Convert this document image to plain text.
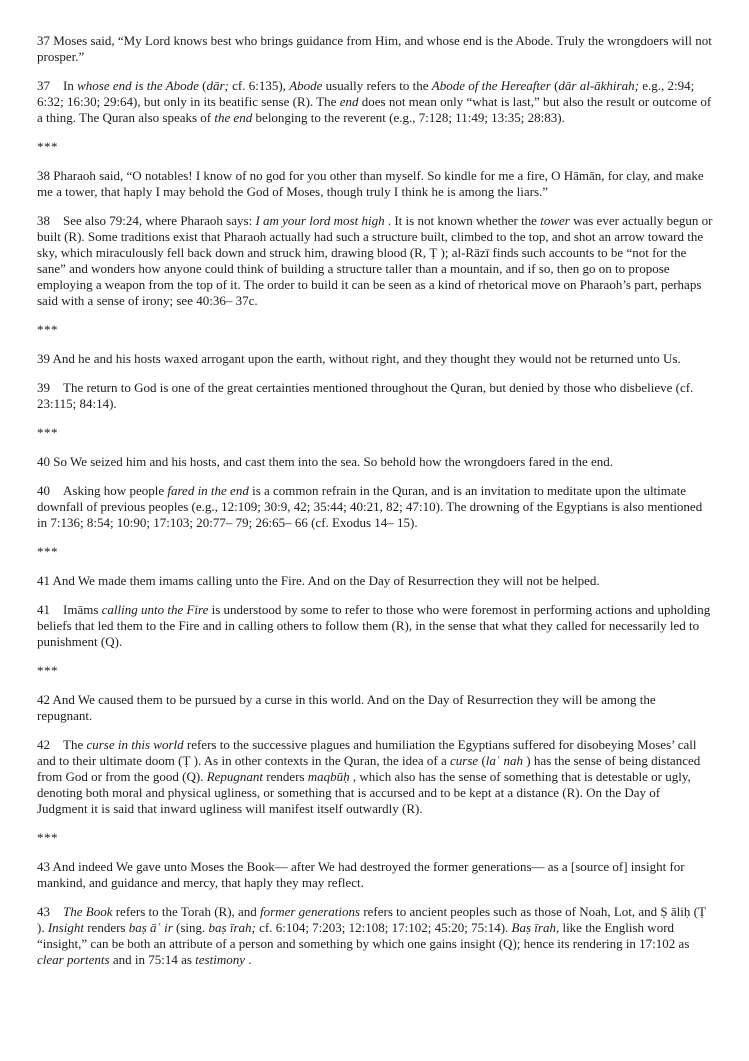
37 Moses said, “My Lord knows best who brings guidance from Him, and whose end is the Abode. Truly the wrongdoers will not prosper.”

37 In whose end is the Abode (dār; cf. 6:135), Abode usually refers to the Abode of the Hereafter (dār al-ākhirah; e.g., 2:94; 6:32; 16:30; 29:64), but only in its beatific sense (R). The end does not mean only “what is last,” but also the result or outcome of a thing. The Quran also speaks of the end belonging to the reverent (e.g., 7:128; 11:49; 13:35; 28:83).

***

38 Pharaoh said, “O notables! I know of no god for you other than myself. So kindle for me a fire, O Hāmān, for clay, and make me a tower, that haply I may behold the God of Moses, though truly I think he is among the liars.”

38 See also 79:24, where Pharaoh says: I am your lord most high . It is not known whether the tower was ever actually begun or built (R). Some traditions exist that Pharaoh actually had such a structure built, climbed to the top, and shot an arrow toward the sky, which miraculously fell back down and struck him, drawing blood (R, Ṭ ); al-Rāzī finds such accounts to be “not for the sane” and wonders how anyone could think of building a structure taller than a mountain, and if so, then go on to propose employing a weapon from the top of it. The order to build it can be seen as a kind of rhetorical move on Pharaoh’s part, perhaps said with a sense of irony; see 40:36– 37c.

***

39 And he and his hosts waxed arrogant upon the earth, without right, and they thought they would not be returned unto Us.

39 The return to God is one of the great certainties mentioned throughout the Quran, but denied by those who disbelieve (cf. 23:115; 84:14).

***

40 So We seized him and his hosts, and cast them into the sea. So behold how the wrongdoers fared in the end.

40 Asking how people fared in the end is a common refrain in the Quran, and is an invitation to meditate upon the ultimate downfall of previous peoples (e.g., 12:109; 30:9, 42; 35:44; 40:21, 82; 47:10). The drowning of the Egyptians is also mentioned in 7:136; 8:54; 10:90; 17:103; 20:77– 79; 26:65– 66 (cf. Exodus 14– 15).

***

41 And We made them imams calling unto the Fire. And on the Day of Resurrection they will not be helped.

41 Imāms calling unto the Fire is understood by some to refer to those who were foremost in performing actions and upholding beliefs that led them to the Fire and in calling others to follow them (R), in the sense that what they called for necessarily led to punishment (Q).

***

42 And We caused them to be pursued by a curse in this world. And on the Day of Resurrection they will be among the repugnant.

42 The curse in this world refers to the successive plagues and humiliation the Egyptians suffered for disobeying Moses’ call and to their ultimate doom (Ṭ ). As in other contexts in the Quran, the idea of a curse (laʿ nah ) has the sense of being distanced from God or from the good (Q). Repugnant renders maqbūḥ , which also has the sense of something that is detestable or ugly, denoting both moral and physical ugliness, or something that is accursed and to be kept at a distance (R). On the Day of Judgment it is said that inward ugliness will manifest itself outwardly (R).

***

43 And indeed We gave unto Moses the Book— after We had destroyed the former generations— as a [source of] insight for mankind, and guidance and mercy, that haply they may reflect.

43 The Book refers to the Torah (R), and former generations refers to ancient peoples such as those of Noah, Lot, and Ṣ āliḥ (Ṭ ). Insight renders baṣ āʾ ir (sing. baṣ īrah; cf. 6:104; 7:203; 12:108; 17:102; 45:20; 75:14). Baṣ īrah, like the English word “insight,” can be both an attribute of a person and something by which one gains insight (Q); hence its rendering in 17:102 as clear portents and in 75:14 as testimony .
